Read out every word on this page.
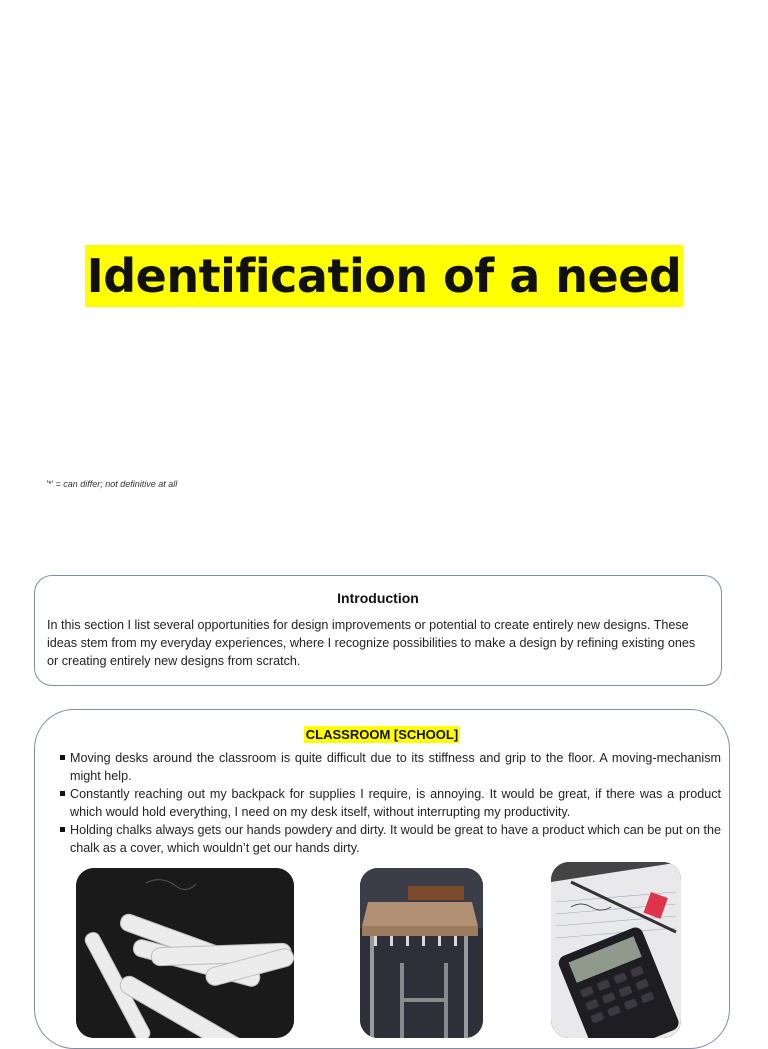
Identification of a need
'*' = can differ; not definitive at all
Introduction

In this section I list several opportunities for design improvements or potential to create entirely new designs. These ideas stem from my everyday experiences, where I recognize possibilities to make a design by refining existing ones or creating entirely new designs from scratch.

CLASSROOM [SCHOOL]
Moving desks around the classroom is quite difficult due to its stiffness and grip to the floor. A moving-mechanism might help.
Constantly reaching out my backpack for supplies I require, is annoying. It would be great, if there was a product which would hold everything, I need on my desk itself, without interrupting my productivity.
Holding chalks always gets our hands powdery and dirty. It would be great to have a product which can be put on the chalk as a cover, which wouldn’t get our hands dirty.
